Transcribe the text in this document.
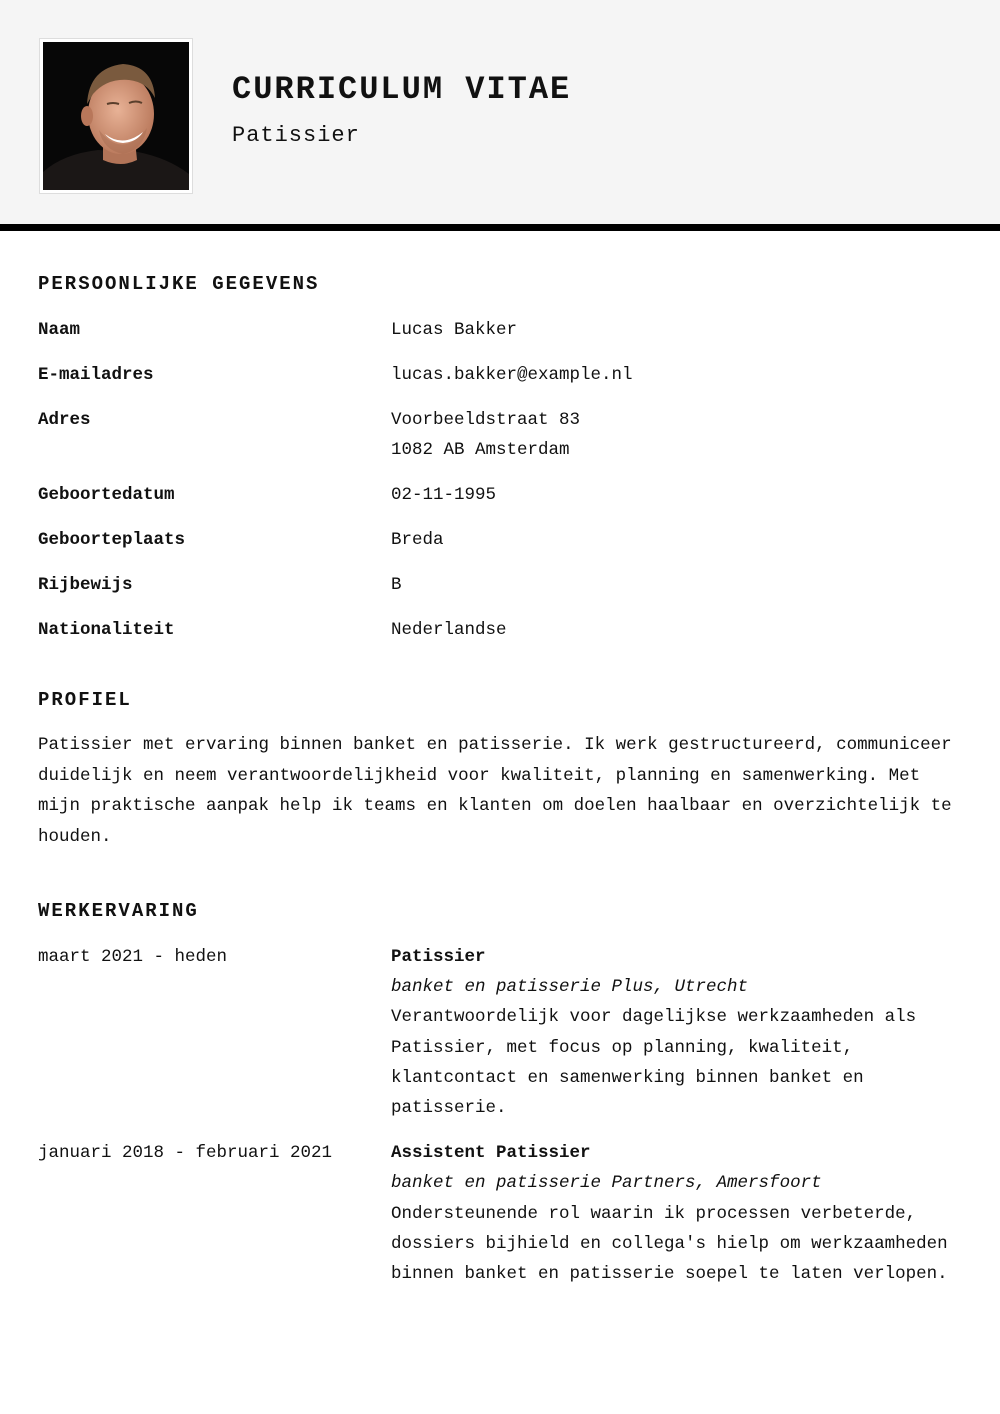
CURRICULUM VITAE
Patissier
PERSOONLIJKE GEGEVENS
Naam	Lucas Bakker
E-mailadres	lucas.bakker@example.nl
Adres	Voorbeeldstraat 83
1082 AB Amsterdam
Geboortedatum	02-11-1995
Geboorteplaats	Breda
Rijbewijs	B
Nationaliteit	Nederlandse
PROFIEL

Patissier met ervaring binnen banket en patisserie. Ik werk gestructureerd, communiceer duidelijk en neem verantwoordelijkheid voor kwaliteit, planning en samenwerking. Met mijn praktische aanpak help ik teams en klanten om doelen haalbaar en overzichtelijk te houden.

WERKERVARING
maart 2021 - heden	Patissier
banket en patisserie Plus, Utrecht
Verantwoordelijk voor dagelijkse werkzaamheden als Patissier, met focus op planning, kwaliteit, klantcontact en samenwerking binnen banket en patisserie.
januari 2018 - februari 2021	Assistent Patissier
banket en patisserie Partners, Amersfoort
Ondersteunende rol waarin ik processen verbeterde, dossiers bijhield en collega's hielp om werkzaamheden binnen banket en patisserie soepel te laten verlopen.
